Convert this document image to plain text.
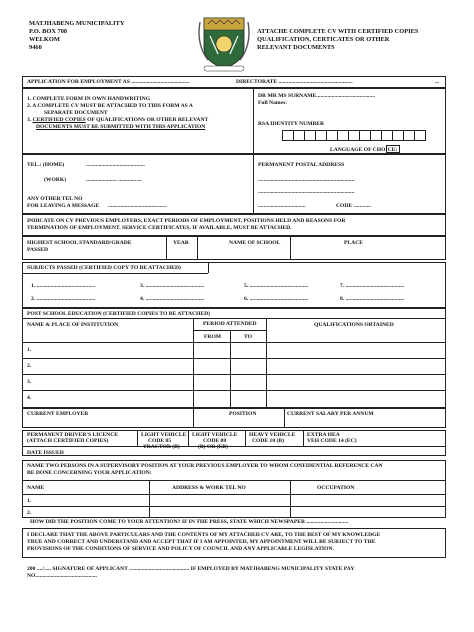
MATJHABENG MUNICIPALITY
P.O. BOX 708
WELKOM
9460
ATTACHE COMPLETE CV WITH CERTIFIED COPIES
QUALIFICATION, CERTICATES OR OTHER
RELEVANT DOCUMENTS
APPLICATION FOR EMPLOYMENT AS ..........................................	DIRECTORATE .....................................................	...
1. COMPLETE FORM IN OWN HANDWRITING
2. A COMPLETE CV MUST BE ATTACHED TO THIS FORM AS A
SEPARATE DOCUMENT
3. CERTIFIED COPIES OF QUALIFICATIONS OR OTHER RELEVANT
DOCUMENTS MUST BE SUBMITTED WITH THIS APPLICATION
DR MR MS SURNAME..........................................
Full Names:
RSA IDENTITY NUMBER
LANGUAGE OF CHOICE:
TEL.: (HOME)	..........................................
(WORK)	...................... .................
ANY OTHER TEL NO
FOR LEAVING A MESSAGE ..........................................
PERMANENT POSTAL ADDRESS
.....................................................................
.....................................................................
..................................	CODE ............
INDICATE ON CV PREVIOUS EMPLOYERS, EXACT PERIODS OF EMPLOYMENT, POSITIONS HELD AND REASONS FOR
TERMINATION OF EMPLOYMENT. SERVICE CERTIFICATES, IF AVAILABLE, MUST BE ATTACHED.
HIGHEST SCHOOL STANDARD/GRADE
PASSED
YEAR	NAME OF SCHOOL	PLACE
SUBJECTS PASSED (CERTIFIED COPY TO BE ATTACHED)
1. ..........................................	3. ..........................................	5. ..........................................	7. ..........................................
2. ..........................................	4. ..........................................	6. ..........................................	8. ..........................................
POST SCHOOL EDUCATION (CERTIFIED COPIES TO BE ATTACHED)
NAME & PLACE OF INSTITUTION	PERIOD ATTENDED
FROM	TO
QUALIFICATIONS OBTAINED
1.
2.
3.
4.
CURRENT EMPLOYER	POSITION	CURRENT SALARY PER ANNUM
PERMANENT DRIVER'S LICENCE
(ATTACH CERTIFIED COPIES)
LIGHT VEHICLE
CODE 05
TRACTOR (B)
LIGHT VEHICLE
CODE 08
(B) OR (EB)
HEAVY VEHICLE
CODE 10 (B)
EXTRA HEA
VEH CODE 14 (EC)
DATE ISSUED
NAME TWO PERSONS IN A SUPERVISORY POSITION AT YOUR PREVIOUS EMPLOYER TO WHOM CONFIDENTIAL REFERENCE CAN
BE DONE CONCERNING YOUR APPLICATION:
NAME	ADDRESS & WORK TEL NO	OCCUPATION
1.
2.
HOW DID THE POSITION COME TO YOUR ATTENTION? IF IN THE PRESS, STATE WHICH NEWSPAPER ..............................
I DECLARE THAT THE ABOVE PARTICULARS AND THE CONTENTS OF MY ATTACHED CV ARE, TO THE BEST OF MY KNOWLEDGE
TRUE AND CORRECT AND UNDERSTAND AND ACCEPT THAT IF I AM APPOINTED, MY APPOINTMENT WILL BE SUBJECT TO THE
PROVISIONS OF THE CONDITIONS OF SERVICE AND POLICY OF COUNCIL AND ANY APPLICABLE LEGISLATION.
200 ..../..... SIGNATURE OF APPLICANT ........................................... IF EMPLOYED BY MATJHABENG MUNICIPALITY STATE PAY
NO............................................
